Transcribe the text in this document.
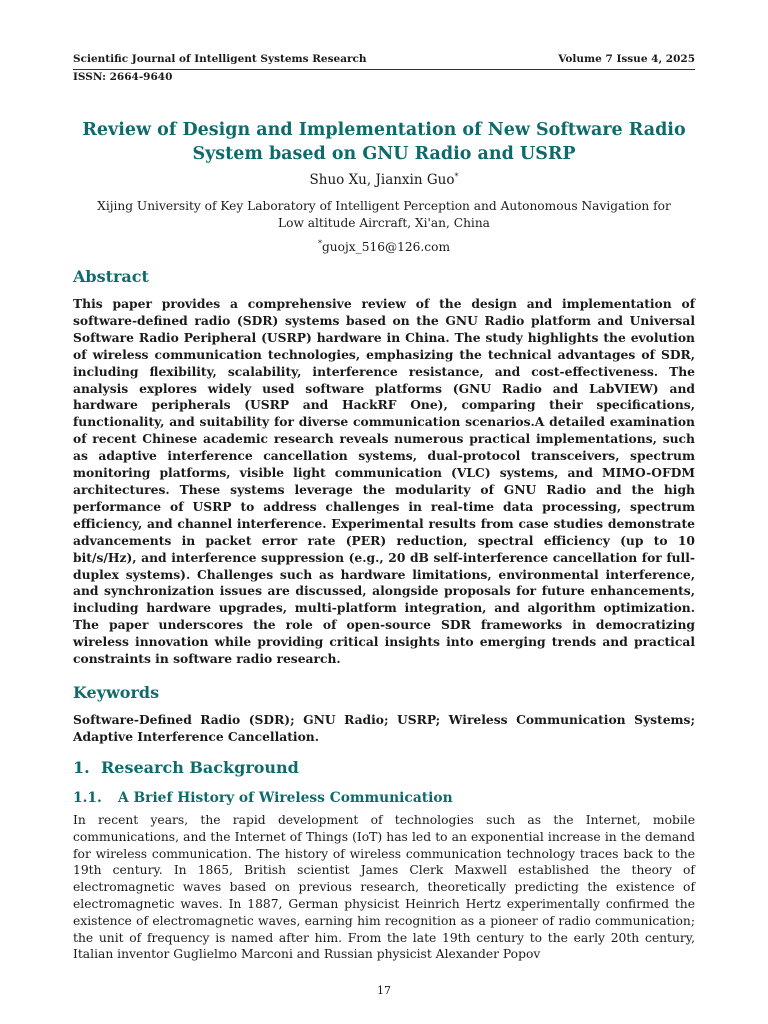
Scientific Journal of Intelligent Systems Research	Volume 7 Issue 4, 2025
ISSN: 2664-9640
Review of Design and Implementation of New Software Radio
System based on GNU Radio and USRP
Shuo Xu, Jianxin Guo*
Xijing University of Key Laboratory of Intelligent Perception and Autonomous Navigation for
Low altitude Aircraft, Xi'an, China
*guojx_516@126.com
Abstract
This paper provides a comprehensive review of the design and implementation of software-defined radio (SDR) systems based on the GNU Radio platform and Universal Software Radio Peripheral (USRP) hardware in China. The study highlights the evolution of wireless communication technologies, emphasizing the technical advantages of SDR, including flexibility, scalability, interference resistance, and cost-effectiveness. The analysis explores widely used software platforms (GNU Radio and LabVIEW) and hardware peripherals (USRP and HackRF One), comparing their specifications, functionality, and suitability for diverse communication scenarios.A detailed examination of recent Chinese academic research reveals numerous practical implementations, such as adaptive interference cancellation systems, dual-protocol transceivers, spectrum monitoring platforms, visible light communication (VLC) systems, and MIMO-OFDM architectures. These systems leverage the modularity of GNU Radio and the high performance of USRP to address challenges in real-time data processing, spectrum efficiency, and channel interference. Experimental results from case studies demonstrate advancements in packet error rate (PER) reduction, spectral efficiency (up to 10 bit/s/Hz), and interference suppression (e.g., 20 dB self-interference cancellation for full-duplex systems). Challenges such as hardware limitations, environmental interference, and synchronization issues are discussed, alongside proposals for future enhancements, including hardware upgrades, multi-platform integration, and algorithm optimization. The paper underscores the role of open-source SDR frameworks in democratizing wireless innovation while providing critical insights into emerging trends and practical constraints in software radio research.
Keywords
Software-Defined Radio (SDR); GNU Radio; USRP; Wireless Communication Systems; Adaptive Interference Cancellation.
1. Research Background
1.1. A Brief History of Wireless Communication
In recent years, the rapid development of technologies such as the Internet, mobile communications, and the Internet of Things (IoT) has led to an exponential increase in the demand for wireless communication. The history of wireless communication technology traces back to the 19th century. In 1865, British scientist James Clerk Maxwell established the theory of electromagnetic waves based on previous research, theoretically predicting the existence of electromagnetic waves. In 1887, German physicist Heinrich Hertz experimentally confirmed the existence of electromagnetic waves, earning him recognition as a pioneer of radio communication; the unit of frequency is named after him. From the late 19th century to the early 20th century, Italian inventor Guglielmo Marconi and Russian physicist Alexander Popov
17
